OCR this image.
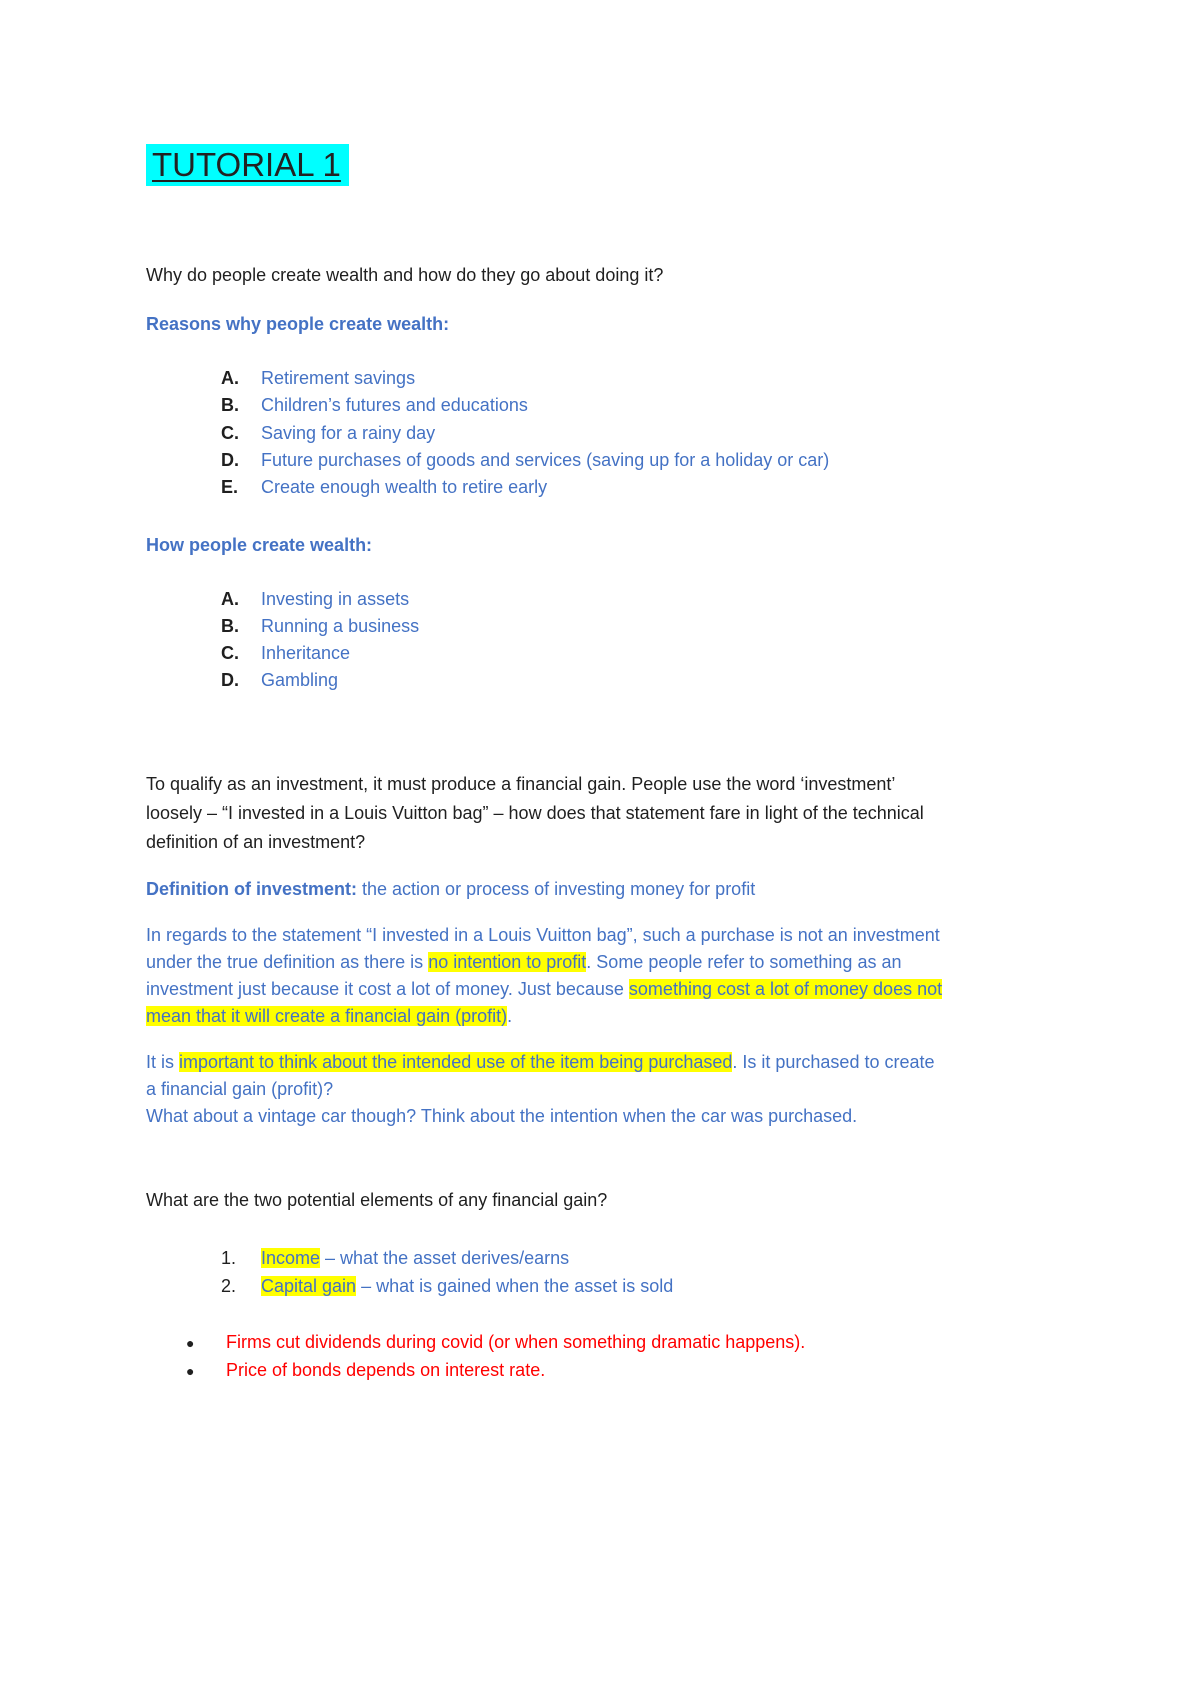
TUTORIAL 1
Why do people create wealth and how do they go about doing it?
Reasons why people create wealth:
A. Retirement savings
B. Children’s futures and educations
C. Saving for a rainy day
D. Future purchases of goods and services (saving up for a holiday or car)
E. Create enough wealth to retire early
How people create wealth:
A. Investing in assets
B. Running a business
C. Inheritance
D. Gambling
To qualify as an investment, it must produce a financial gain. People use the word ‘investment’
loosely – “I invested in a Louis Vuitton bag” – how does that statement fare in light of the technical
definition of an investment?
Definition of investment: the action or process of investing money for profit
In regards to the statement “I invested in a Louis Vuitton bag”, such a purchase is not an investment
under the true definition as there is no intention to profit. Some people refer to something as an
investment just because it cost a lot of money. Just because something cost a lot of money does not
mean that it will create a financial gain (profit).
It is important to think about the intended use of the item being purchased. Is it purchased to create
a financial gain (profit)?
What about a vintage car though? Think about the intention when the car was purchased.
What are the two potential elements of any financial gain?
1. Income – what the asset derives/earns
2. Capital gain – what is gained when the asset is sold
● Firms cut dividends during covid (or when something dramatic happens).
● Price of bonds depends on interest rate.
